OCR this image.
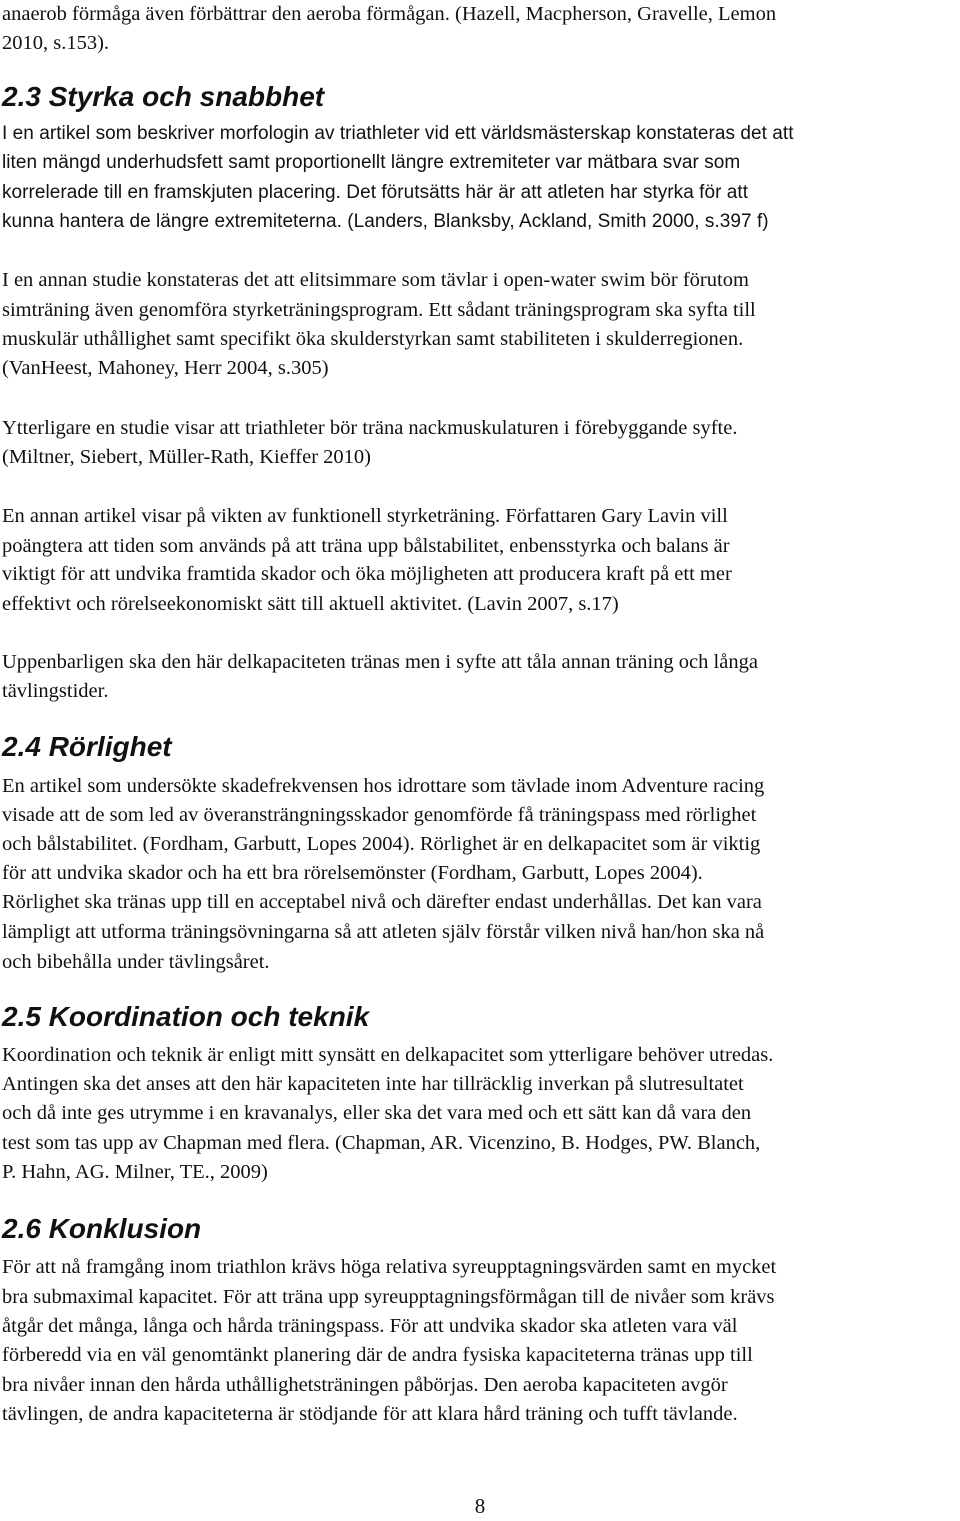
anaerob förmåga även förbättrar den aeroba förmågan. (Hazell, Macpherson, Gravelle, Lemon
2010, s.153).
2.3 Styrka och snabbhet
I en artikel som beskriver morfologin av triathleter vid ett världsmästerskap konstateras det att
liten mängd underhudsfett samt proportionellt längre extremiteter var mätbara svar som
korrelerade till en framskjuten placering. Det förutsätts här är att atleten har styrka för att
kunna hantera de längre extremiteterna. (Landers, Blanksby, Ackland, Smith 2000, s.397 f)
I en annan studie konstateras det att elitsimmare som tävlar i open-water swim bör förutom
simträning även genomföra styrketräningsprogram. Ett sådant träningsprogram ska syfta till
muskulär uthållighet samt specifikt öka skulderstyrkan samt stabiliteten i skulderregionen.
(VanHeest, Mahoney, Herr 2004, s.305)
Ytterligare en studie visar att triathleter bör träna nackmuskulaturen i förebyggande syfte.
(Miltner, Siebert, Müller-Rath, Kieffer 2010)
En annan artikel visar på vikten av funktionell styrketräning. Författaren Gary Lavin vill
poängtera att tiden som används på att träna upp bålstabilitet, enbensstyrka och balans är
viktigt för att undvika framtida skador och öka möjligheten att producera kraft på ett mer
effektivt och rörelseekonomiskt sätt till aktuell aktivitet. (Lavin 2007, s.17)
Uppenbarligen ska den här delkapaciteten tränas men i syfte att tåla annan träning och långa
tävlingstider.
2.4 Rörlighet
En artikel som undersökte skadefrekvensen hos idrottare som tävlade inom Adventure racing
visade att de som led av överansträngningsskador genomförde få träningspass med rörlighet
och bålstabilitet. (Fordham, Garbutt, Lopes 2004). Rörlighet är en delkapacitet som är viktig
för att undvika skador och ha ett bra rörelsemönster (Fordham, Garbutt, Lopes 2004).
Rörlighet ska tränas upp till en acceptabel nivå och därefter endast underhållas. Det kan vara
lämpligt att utforma träningsövningarna så att atleten själv förstår vilken nivå han/hon ska nå
och bibehålla under tävlingsåret.
2.5 Koordination och teknik
Koordination och teknik är enligt mitt synsätt en delkapacitet som ytterligare behöver utredas.
Antingen ska det anses att den här kapaciteten inte har tillräcklig inverkan på slutresultatet
och då inte ges utrymme i en kravanalys, eller ska det vara med och ett sätt kan då vara den
test som tas upp av Chapman med flera. (Chapman, AR. Vicenzino, B. Hodges, PW. Blanch,
P. Hahn, AG. Milner, TE., 2009)
2.6 Konklusion
För att nå framgång inom triathlon krävs höga relativa syreupptagningsvärden samt en mycket
bra submaximal kapacitet. För att träna upp syreupptagningsförmågan till de nivåer som krävs
åtgår det många, långa och hårda träningspass. För att undvika skador ska atleten vara väl
förberedd via en väl genomtänkt planering där de andra fysiska kapaciteterna tränas upp till
bra nivåer innan den hårda uthållighetsträningen påbörjas. Den aeroba kapaciteten avgör
tävlingen, de andra kapaciteterna är stödjande för att klara hård träning och tufft tävlande.
8
